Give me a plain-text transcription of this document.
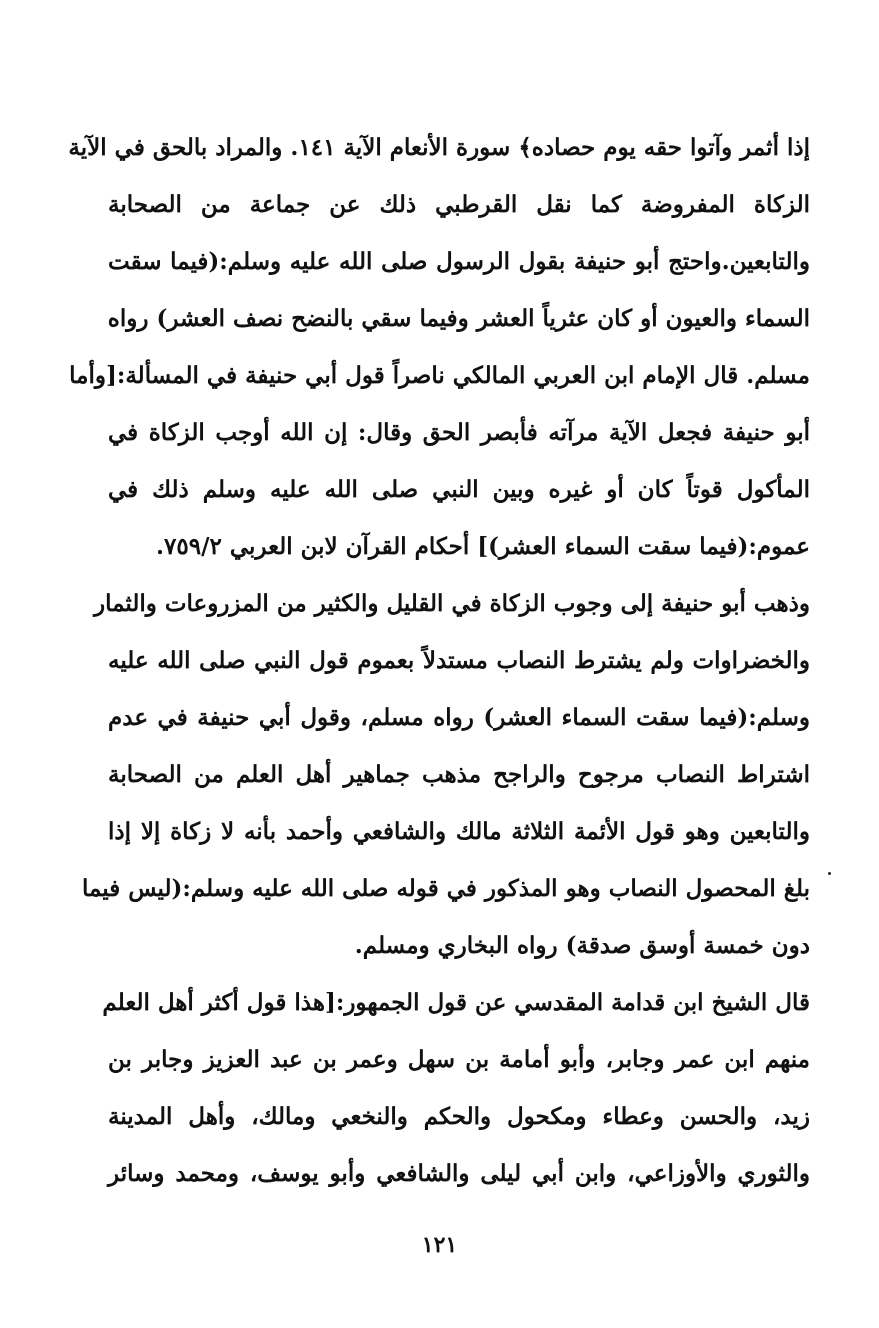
إذا أثمر وآتوا حقه يوم حصاده﴾ سورة الأنعام الآية ١٤١. والمراد بالحق في الآية
الزكاة المفروضة كما نقل القرطبي ذلك عن جماعة من الصحابة
والتابعين.واحتج أبو حنيفة بقول الرسول صلى الله عليه وسلم:(فيما سقت
السماء والعيون أو كان عثرياً العشر وفيما سقي بالنضح نصف العشر) رواه
مسلم. قال الإمام ابن العربي المالكي ناصراً قول أبي حنيفة في المسألة:[وأما
أبو حنيفة فجعل الآية مرآته فأبصر الحق وقال: إن الله أوجب الزكاة في
المأكول قوتاً كان أو غيره وبين النبي صلى الله عليه وسلم ذلك في
عموم:(فيما سقت السماء العشر)] أحكام القرآن لابن العربي ٧٥٩/٢.
وذهب أبو حنيفة إلى وجوب الزكاة في القليل والكثير من المزروعات والثمار
والخضراوات ولم يشترط النصاب مستدلاً بعموم قول النبي صلى الله عليه
وسلم:(فيما سقت السماء العشر) رواه مسلم، وقول أبي حنيفة في عدم
اشتراط النصاب مرجوح والراجح مذهب جماهير أهل العلم من الصحابة
والتابعين وهو قول الأئمة الثلاثة مالك والشافعي وأحمد بأنه لا زكاة إلا إذا
بلغ المحصول النصاب وهو المذكور في قوله صلى الله عليه وسلم:(ليس فيما
دون خمسة أوسق صدقة) رواه البخاري ومسلم.
قال الشيخ ابن قدامة المقدسي عن قول الجمهور:[هذا قول أكثر أهل العلم
منهم ابن عمر وجابر، وأبو أمامة بن سهل وعمر بن عبد العزيز وجابر بن
زيد، والحسن وعطاء ومكحول والحكم والنخعي ومالك، وأهل المدينة
والثوري والأوزاعي، وابن أبي ليلى والشافعي وأبو يوسف، ومحمد وسائر
١٢١
